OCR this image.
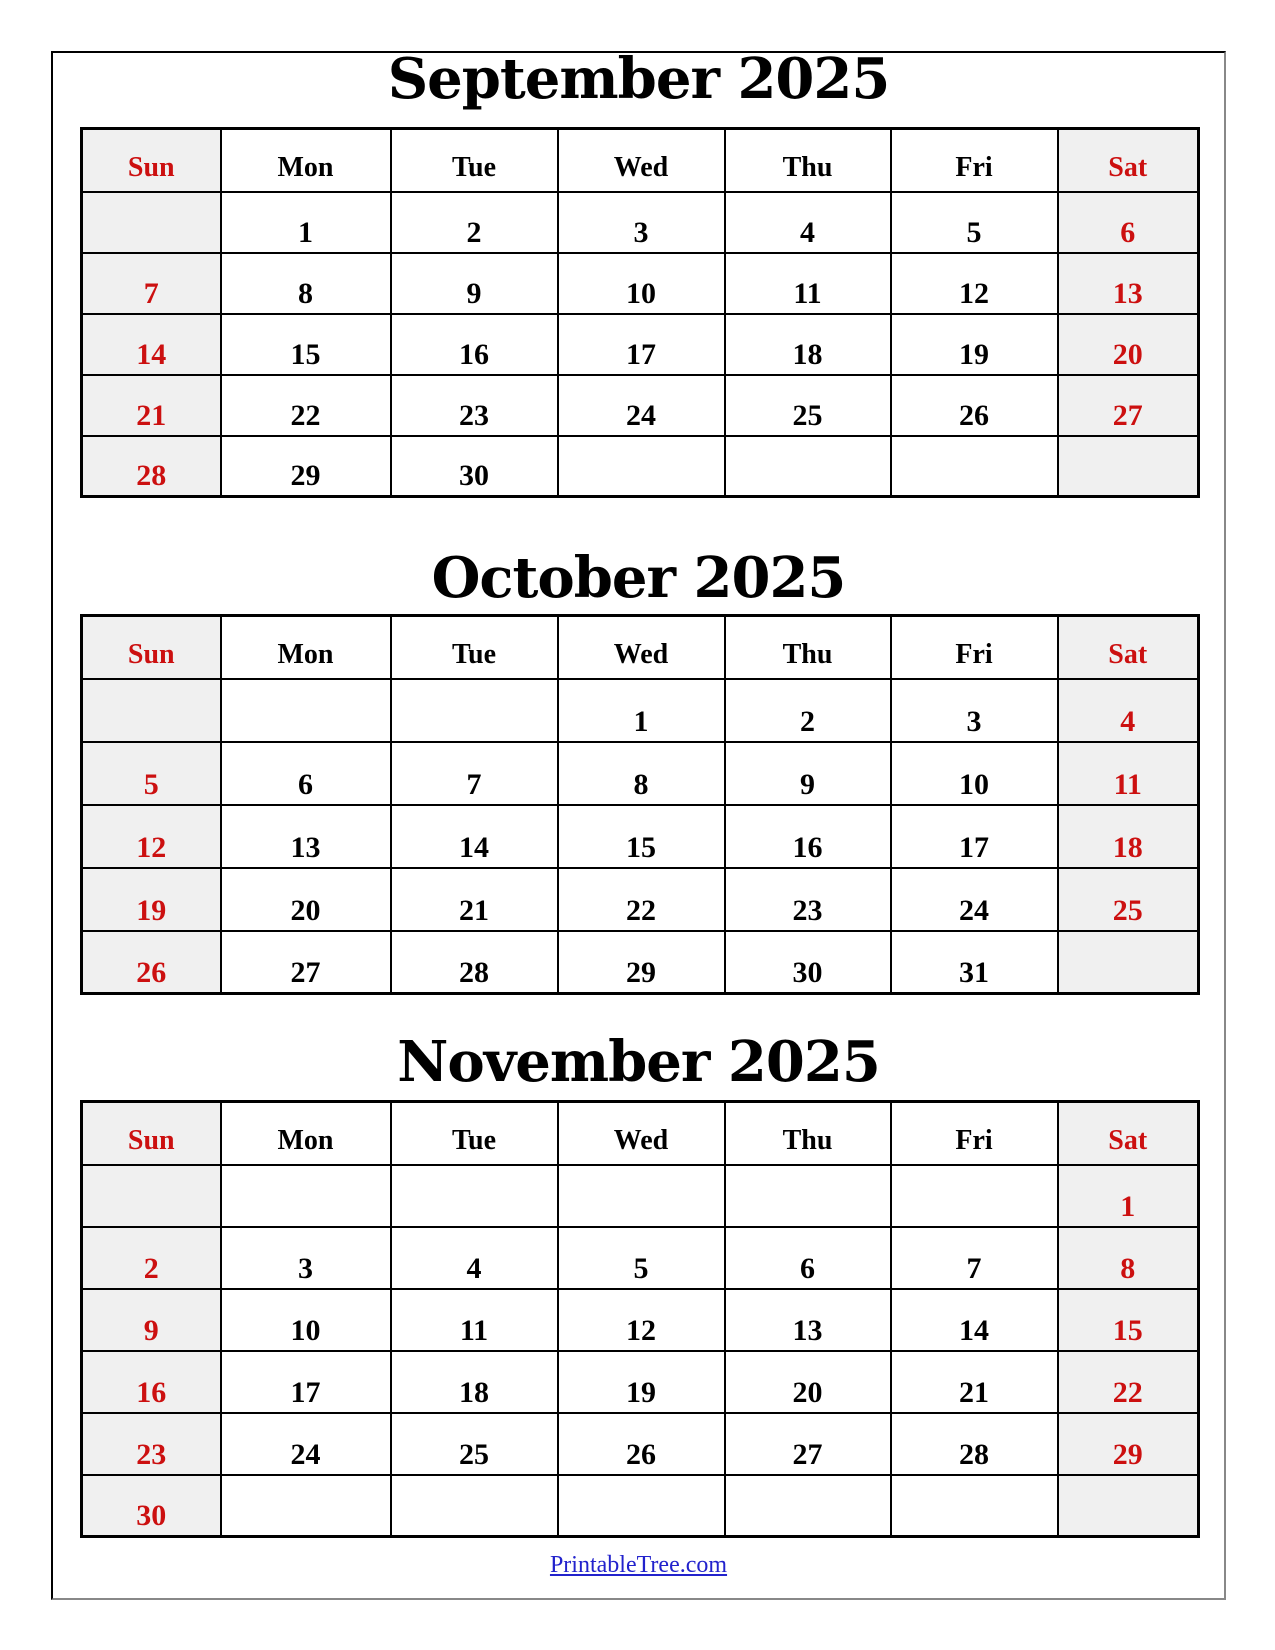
September 2025
Sun	Mon	Tue	Wed	Thu	Fri	Sat
	1	2	3	4	5	6
7	8	9	10	11	12	13
14	15	16	17	18	19	20
21	22	23	24	25	26	27
28	29	30				
October 2025
Sun	Mon	Tue	Wed	Thu	Fri	Sat
			1	2	3	4
5	6	7	8	9	10	11
12	13	14	15	16	17	18
19	20	21	22	23	24	25
26	27	28	29	30	31	
November 2025
Sun	Mon	Tue	Wed	Thu	Fri	Sat
						1
2	3	4	5	6	7	8
9	10	11	12	13	14	15
16	17	18	19	20	21	22
23	24	25	26	27	28	29
30						
PrintableTree.com
